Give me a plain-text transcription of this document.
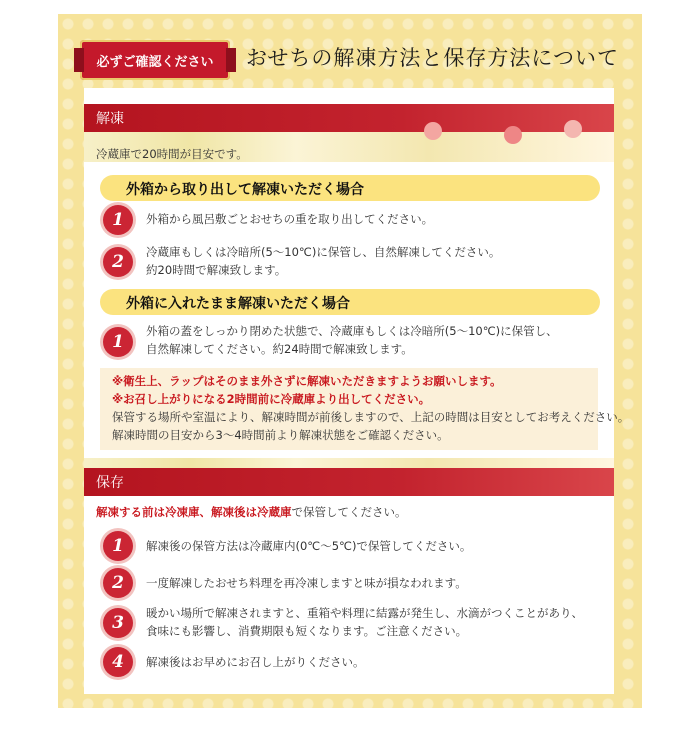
必ずご確認ください	おせちの解凍方法と保存方法について
解凍
冷蔵庫で20時間が目安です。
外箱から取り出して解凍いただく場合
1	外箱から風呂敷ごとおせちの重を取り出してください。
2	冷蔵庫もしくは冷暗所(5～10℃)に保管し、自然解凍してください。
約20時間で解凍致します。
外箱に入れたまま解凍いただく場合
1
外箱の蓋をしっかり閉めた状態で、冷蔵庫もしくは冷暗所(5～10℃)に保管し、
自然解凍してください。約24時間で解凍致します。
※衛生上、ラップはそのまま外さずに解凍いただきますようお願いします。
※お召し上がりになる2時間前に冷蔵庫より出してください。
保管する場所や室温により、解凍時間が前後しますので、上記の時間は目安としてお考えください。
解凍時間の目安から3～4時間前より解凍状態をご確認ください。
保存
解凍する前は冷凍庫、解凍後は冷蔵庫で保管してください。
1	解凍後の保管方法は冷蔵庫内(0℃～5℃)で保管してください。
2	一度解凍したおせち料理を再冷凍しますと味が損なわれます。
3	暖かい場所で解凍されますと、重箱や料理に結露が発生し、水滴がつくことがあり、
食味にも影響し、消費期限も短くなります。ご注意ください。
4	解凍後はお早めにお召し上がりください。
